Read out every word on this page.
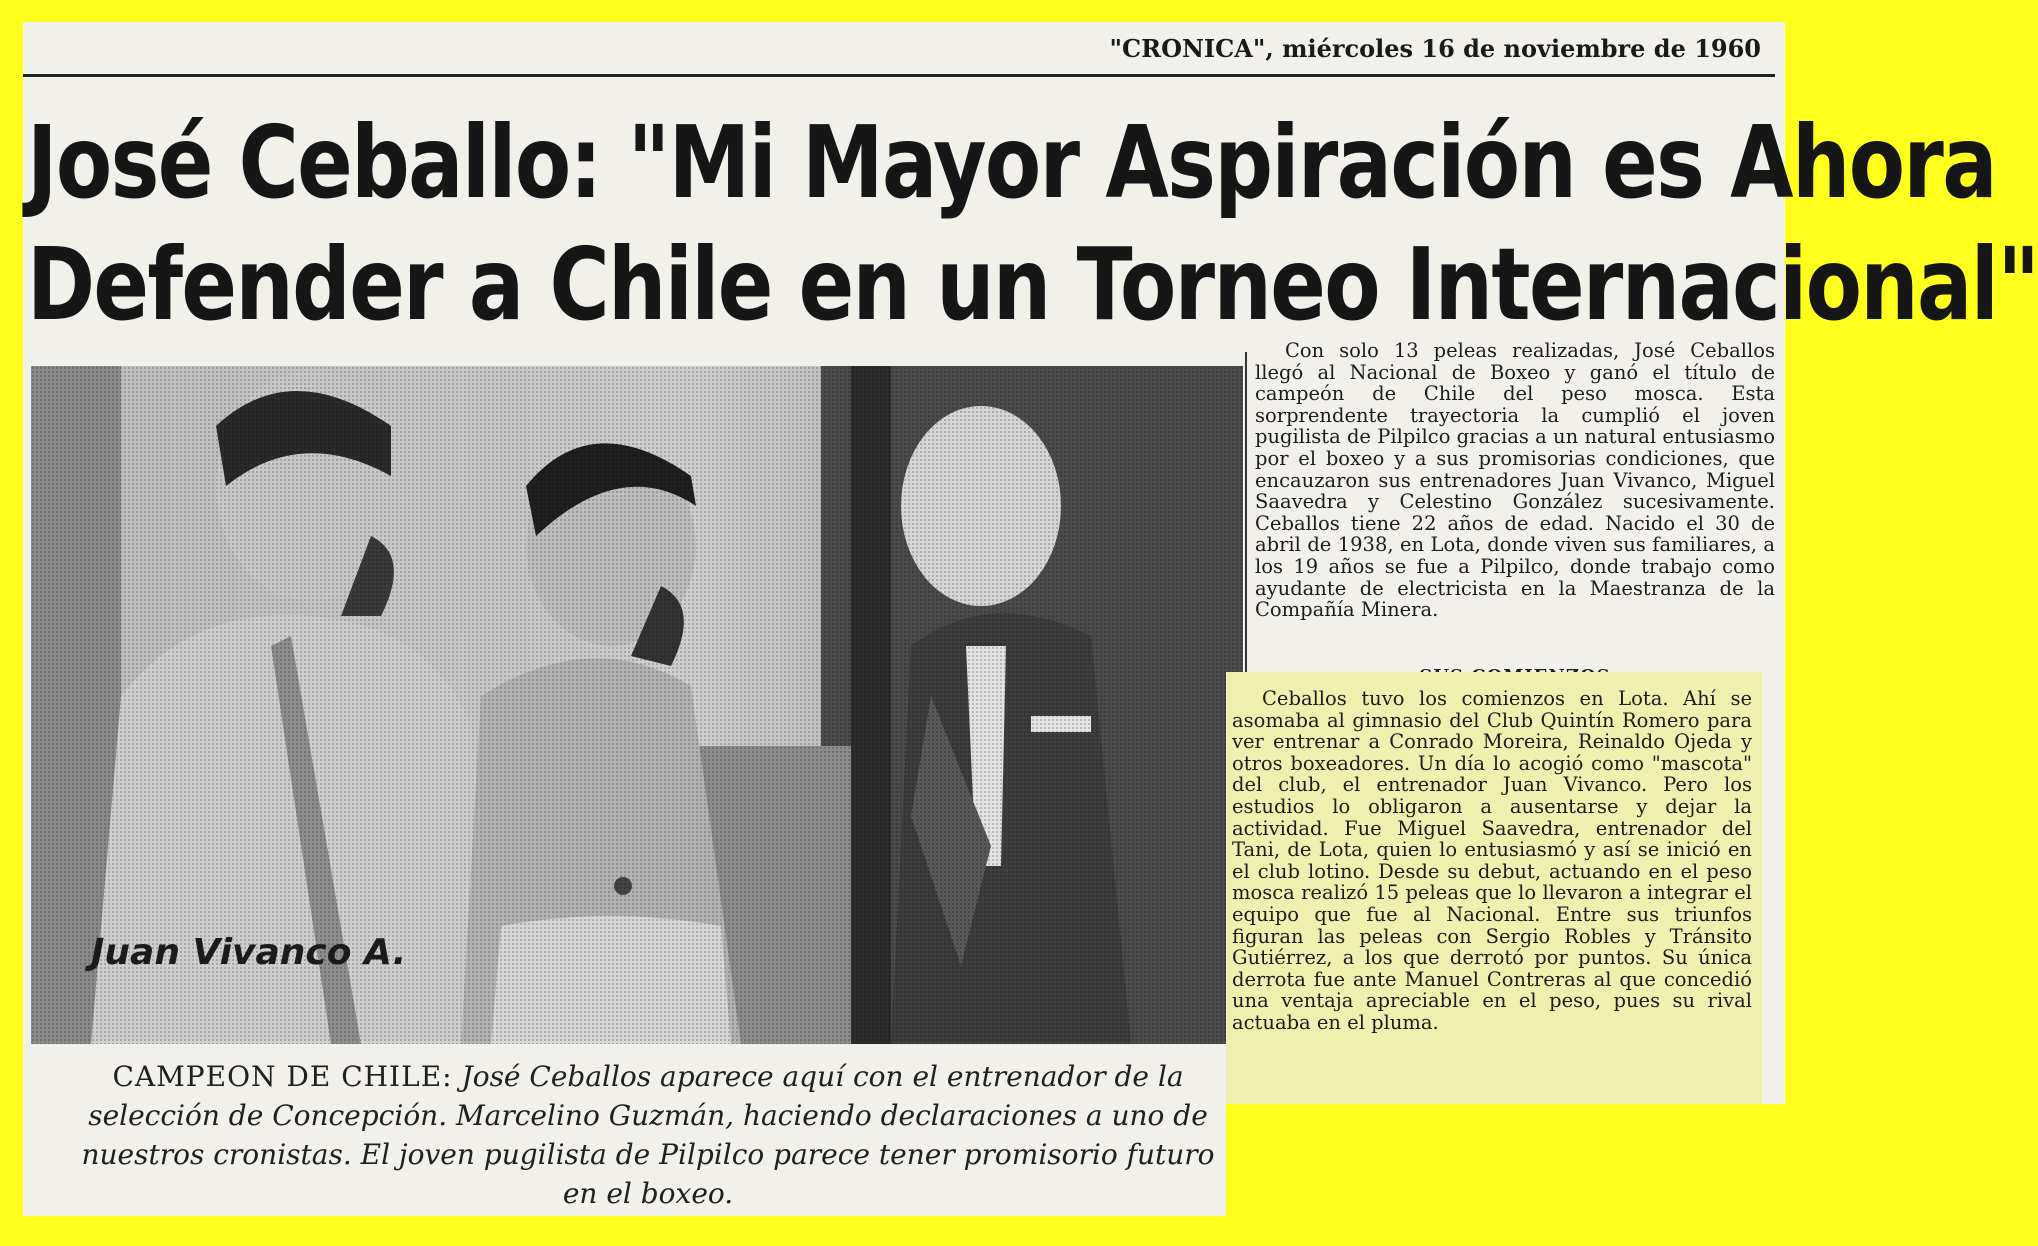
"CRONICA", miércoles 16 de noviembre de 1960
José Ceballo: "Mi Mayor Aspiración es Ahora
Defender a Chile en un Torneo Internacional"
Juan Vivanco A.
CAMPEON DE CHILE: José Ceballos aparece aquí con el entrenador de la selección de Concepción. Marcelino Guzmán, haciendo declaraciones a uno de nuestros cronistas. El joven pugilista de Pilpilco parece tener promisorio futuro en el boxeo.

Con solo 13 peleas realizadas, José Ceballos llegó al Nacional de Boxeo y ganó el título de campeón de Chile del peso mosca. Esta sorprendente trayectoria la cumplió el joven pugilista de Pilpilco gracias a un natural entusiasmo por el boxeo y a sus promisorias condiciones, que encauzaron sus entrenadores Juan Vivanco, Miguel Saavedra y Celestino González sucesivamente. Ceballos tiene 22 años de edad. Nacido el 30 de abril de 1938, en Lota, donde viven sus familiares, a los 19 años se fue a Pilpilco, donde trabajo como ayudante de electricista en la Maestranza de la Compañía Minera.

Ceballos tuvo los comienzos en Lota. Ahí se asomaba al gimnasio del Club Quintín Romero para ver entrenar a Conrado Moreira, Reinaldo Ojeda y otros boxeadores. Un día lo acogió como "mascota" del club, el entrenador Juan Vivanco. Pero los estudios lo obligaron a ausentarse y dejar la actividad. Fue Miguel Saavedra, entrenador del Tani, de Lota, quien lo entusiasmó y así se inició en el club lotino. Desde su debut, actuando en el peso mosca realizó 15 peleas que lo llevaron a integrar el equipo que fue al Nacional. Entre sus triunfos figuran las peleas con Sergio Robles y Tránsito Gutiérrez, a los que derrotó por puntos. Su única derrota fue ante Manuel Contreras al que concedió una ventaja apreciable en el peso, pues su rival actuaba en el pluma.
